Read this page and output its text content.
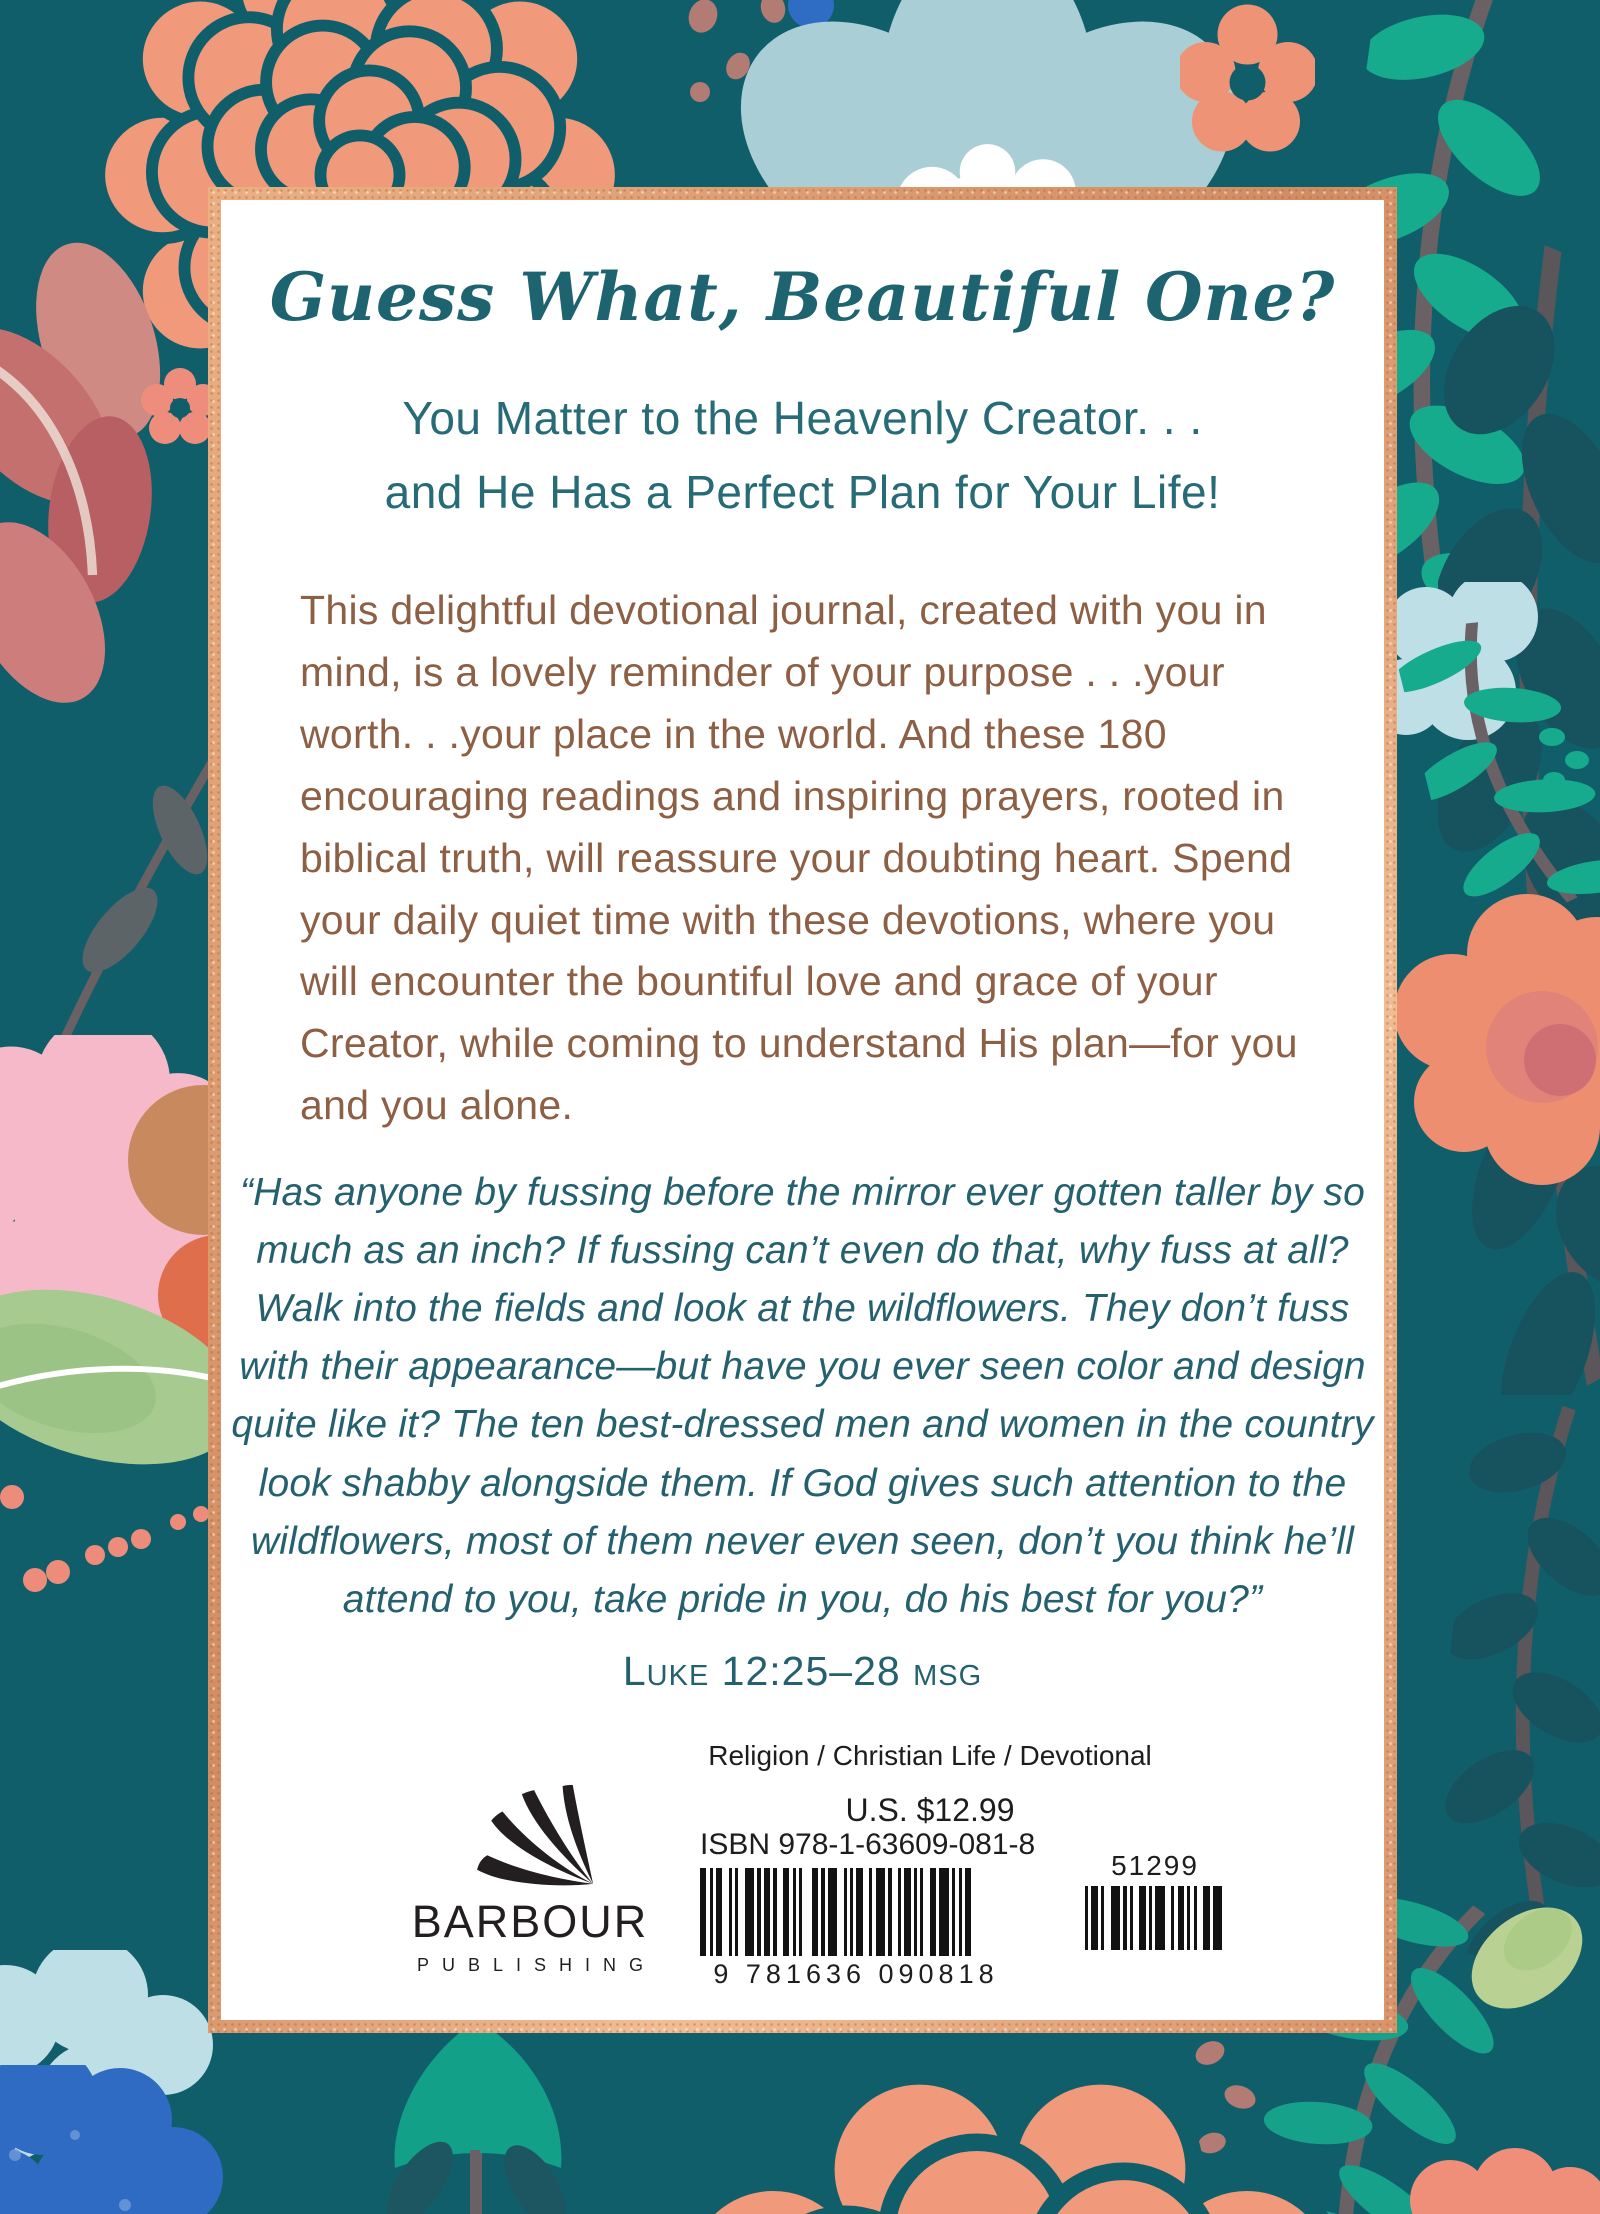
Guess What, Beautiful One?
You Matter to the Heavenly Creator. . .
and He Has a Perfect Plan for Your Life!

This delightful devotional journal, created with you in mind, is a lovely reminder of your purpose . . .your worth. . .your place in the world. And these 180 encouraging readings and inspiring prayers, rooted in biblical truth, will reassure your doubting heart. Spend your daily quiet time with these devotions, where you will encounter the bountiful love and grace of your Creator, while coming to understand His plan—for you and you alone.

“Has anyone by fussing before the mirror ever gotten taller by so much as an inch? If fussing can’t even do that, why fuss at all? Walk into the fields and look at the wildflowers. They don’t fuss with their appearance—but have you ever seen color and design quite like it? The ten best-dressed men and women in the country look shabby alongside them. If God gives such attention to the wildflowers, most of them never even seen, don’t you think he’ll attend to you, take pride in you, do his best for you?”

Luke 12:25–28 msg
Religion / Christian Life / Devotional
U.S. $12.99
BARBOUR
PUBLISHING
ISBN 978-1-63609-081-8
9 781636 090818
51299
